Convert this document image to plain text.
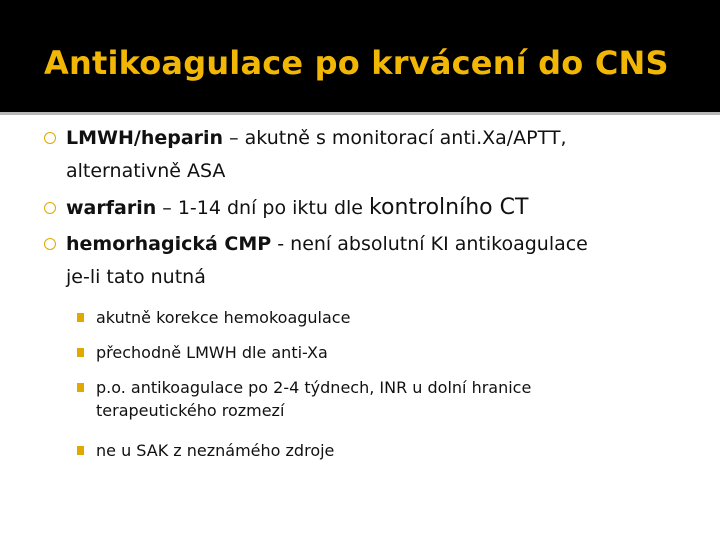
Antikoagulace po krvácení do CNS
LMWH/heparin – akutně s monitorací anti.Xa/APTT,
alternativně ASA
warfarin – 1-14 dní po iktu dle kontrolního CT
hemorhagická CMP - není absolutní KI antikoagulace
je-li tato nutná
akutně korekce hemokoagulace
přechodně LMWH dle anti-Xa
p.o. antikoagulace po 2-4 týdnech, INR u dolní hranice
terapeutického rozmezí
ne u SAK z neznámého zdroje
